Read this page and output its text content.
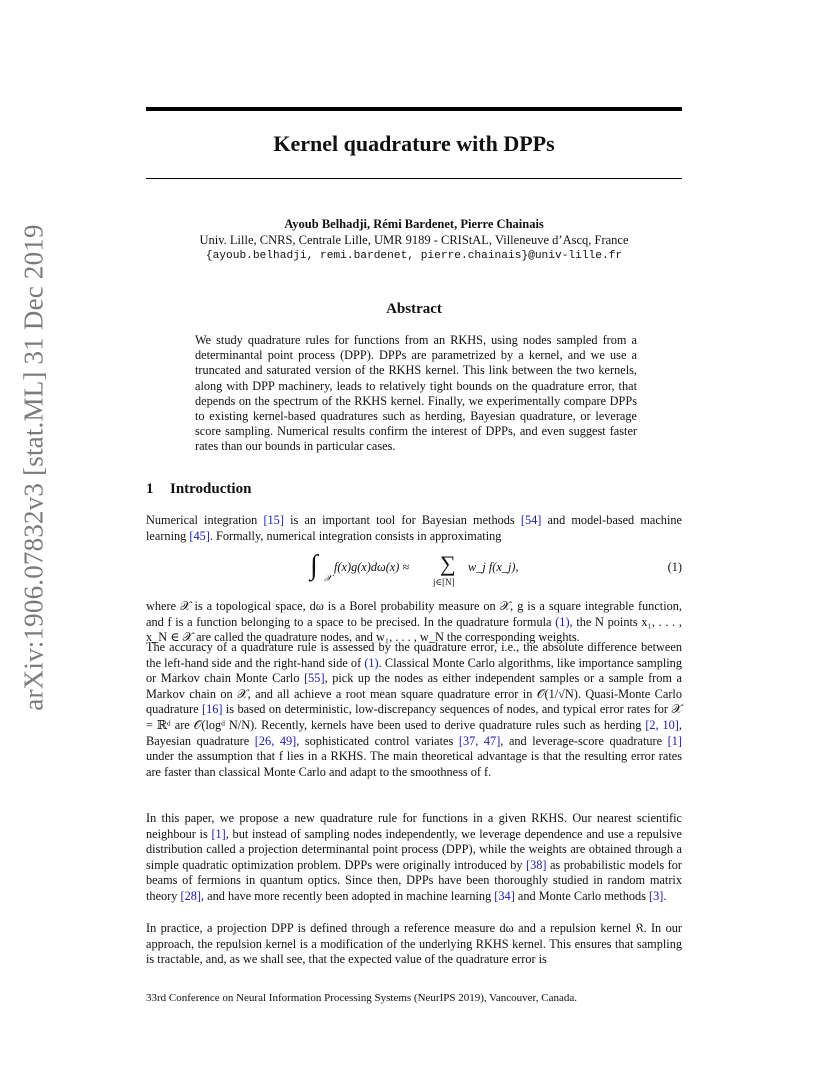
arXiv:1906.07832v3 [stat.ML] 31 Dec 2019
Kernel quadrature with DPPs
Ayoub Belhadji, Rémi Bardenet, Pierre Chainais
Univ. Lille, CNRS, Centrale Lille, UMR 9189 - CRIStAL, Villeneuve d’Ascq, France
{ayoub.belhadji, remi.bardenet, pierre.chainais}@univ-lille.fr
Abstract
We study quadrature rules for functions from an RKHS, using nodes sampled from a determinantal point process (DPP). DPPs are parametrized by a kernel, and we use a truncated and saturated version of the RKHS kernel. This link between the two kernels, along with DPP machinery, leads to relatively tight bounds on the quadrature error, that depends on the spectrum of the RKHS kernel. Finally, we experimentally compare DPPs to existing kernel-based quadratures such as herding, Bayesian quadrature, or leverage score sampling. Numerical results confirm the interest of DPPs, and even suggest faster rates than our bounds in particular cases.
1 Introduction
Numerical integration [15] is an important tool for Bayesian methods [54] and model-based machine learning [45]. Formally, numerical integration consists in approximating
∫ 𝒳
f(x)g(x)dω(x) ≈ ∑
j∈[N]
w_j f(x_j),	(1)
where 𝒳 is a topological space, dω is a Borel probability measure on 𝒳, g is a square integrable function, and f is a function belonging to a space to be precised. In the quadrature formula (1), the N points x₁, . . . , x_N ∈ 𝒳 are called the quadrature nodes, and w₁, . . . , w_N the corresponding weights.
The accuracy of a quadrature rule is assessed by the quadrature error, i.e., the absolute difference between the left-hand side and the right-hand side of (1). Classical Monte Carlo algorithms, like importance sampling or Markov chain Monte Carlo [55], pick up the nodes as either independent samples or a sample from a Markov chain on 𝒳, and all achieve a root mean square quadrature error in 𝒪(1/√N). Quasi-Monte Carlo quadrature [16] is based on deterministic, low-discrepancy sequences of nodes, and typical error rates for 𝒳 = ℝᵈ are 𝒪(logᵈ N/N). Recently, kernels have been used to derive quadrature rules such as herding [2, 10], Bayesian quadrature [26, 49], sophisticated control variates [37, 47], and leverage-score quadrature [1] under the assumption that f lies in a RKHS. The main theoretical advantage is that the resulting error rates are faster than classical Monte Carlo and adapt to the smoothness of f.
In this paper, we propose a new quadrature rule for functions in a given RKHS. Our nearest scientific neighbour is [1], but instead of sampling nodes independently, we leverage dependence and use a repulsive distribution called a projection determinantal point process (DPP), while the weights are obtained through a simple quadratic optimization problem. DPPs were originally introduced by [38] as probabilistic models for beams of fermions in quantum optics. Since then, DPPs have been thoroughly studied in random matrix theory [28], and have more recently been adopted in machine learning [34] and Monte Carlo methods [3].
In practice, a projection DPP is defined through a reference measure dω and a repulsion kernel 𝔎. In our approach, the repulsion kernel is a modification of the underlying RKHS kernel. This ensures that sampling is tractable, and, as we shall see, that the expected value of the quadrature error is
33rd Conference on Neural Information Processing Systems (NeurIPS 2019), Vancouver, Canada.
